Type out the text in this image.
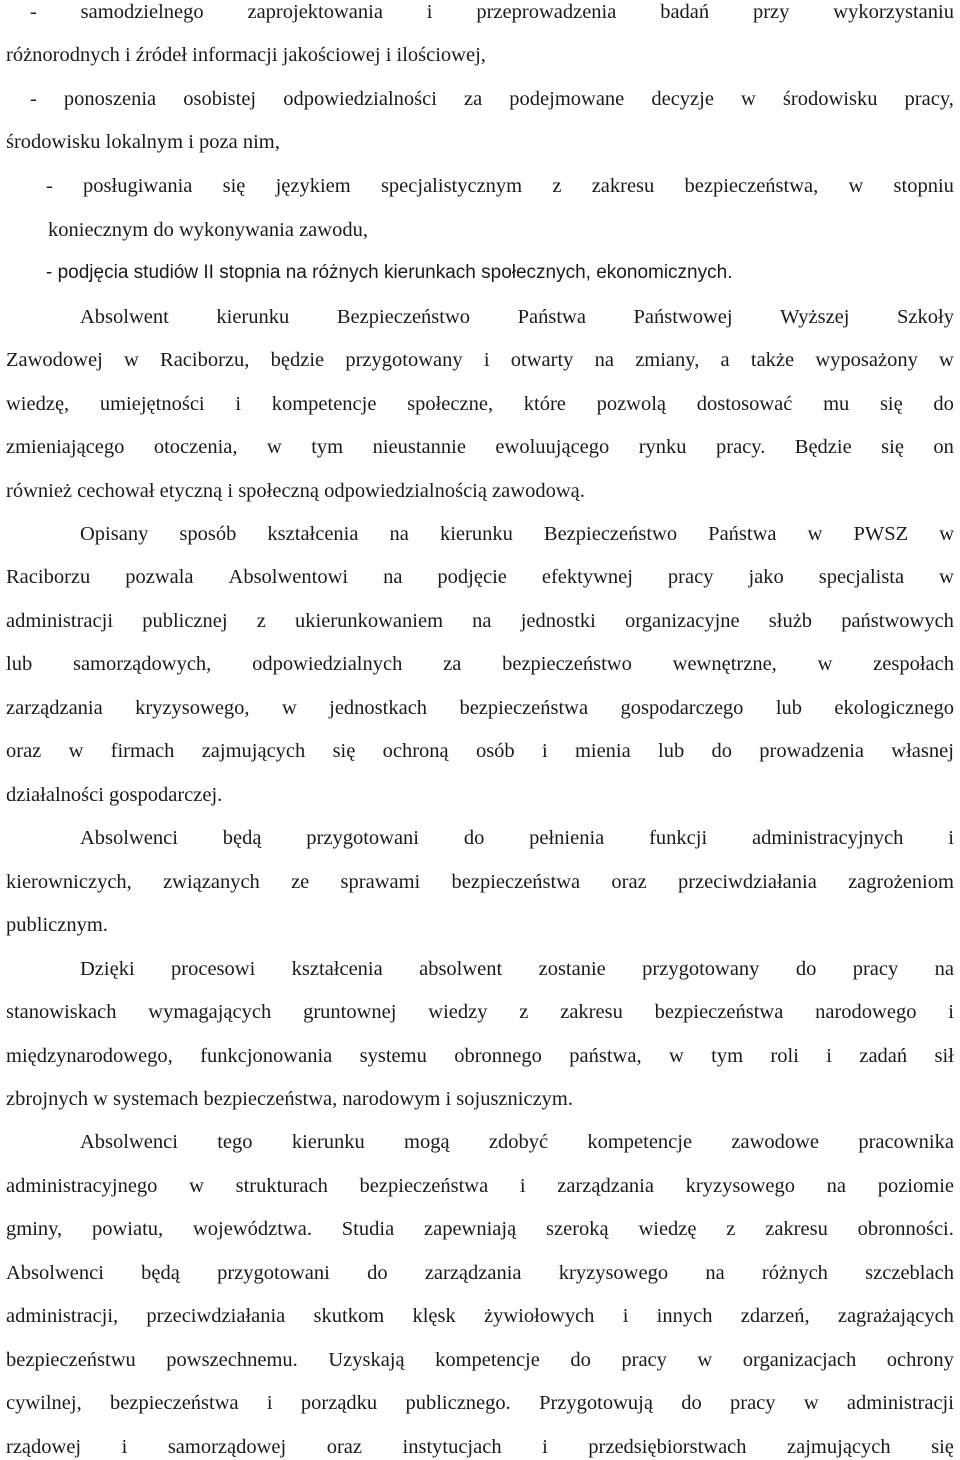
- samodzielnego zaprojektowania i przeprowadzenia badań przy wykorzystaniu
różnorodnych i źródeł informacji jakościowej i ilościowej,
- ponoszenia osobistej odpowiedzialności za podejmowane decyzje w środowisku pracy,
środowisku lokalnym i poza nim,
- posługiwania się językiem specjalistycznym z zakresu bezpieczeństwa, w stopniu
koniecznym do wykonywania zawodu,
- podjęcia studiów II stopnia na różnych kierunkach społecznych, ekonomicznych.
Absolwent kierunku Bezpieczeństwo Państwa Państwowej Wyższej Szkoły
Zawodowej w Raciborzu, będzie przygotowany i otwarty na zmiany, a także wyposażony w
wiedzę, umiejętności i kompetencje społeczne, które pozwolą dostosować mu się do
zmieniającego otoczenia, w tym nieustannie ewoluującego rynku pracy. Będzie się on
również cechował etyczną i społeczną odpowiedzialnością zawodową.
Opisany sposób kształcenia na kierunku Bezpieczeństwo Państwa w PWSZ w
Raciborzu pozwala Absolwentowi na podjęcie efektywnej pracy jako specjalista w
administracji publicznej z ukierunkowaniem na jednostki organizacyjne służb państwowych
lub samorządowych, odpowiedzialnych za bezpieczeństwo wewnętrzne, w zespołach
zarządzania kryzysowego, w jednostkach bezpieczeństwa gospodarczego lub ekologicznego
oraz w firmach zajmujących się ochroną osób i mienia lub do prowadzenia własnej
działalności gospodarczej.
Absolwenci będą przygotowani do pełnienia funkcji administracyjnych i
kierowniczych, związanych ze sprawami bezpieczeństwa oraz przeciwdziałania zagrożeniom
publicznym.
Dzięki procesowi kształcenia absolwent zostanie przygotowany do pracy na
stanowiskach wymagających gruntownej wiedzy z zakresu bezpieczeństwa narodowego i
międzynarodowego, funkcjonowania systemu obronnego państwa, w tym roli i zadań sił
zbrojnych w systemach bezpieczeństwa, narodowym i sojuszniczym.
Absolwenci tego kierunku mogą zdobyć kompetencje zawodowe pracownika
administracyjnego w strukturach bezpieczeństwa i zarządzania kryzysowego na poziomie
gminy, powiatu, województwa. Studia zapewniają szeroką wiedzę z zakresu obronności.
Absolwenci będą przygotowani do zarządzania kryzysowego na różnych szczeblach
administracji, przeciwdziałania skutkom klęsk żywiołowych i innych zdarzeń, zagrażających
bezpieczeństwu powszechnemu. Uzyskają kompetencje do pracy w organizacjach ochrony
cywilnej, bezpieczeństwa i porządku publicznego. Przygotowują do pracy w administracji
rządowej i samorządowej oraz instytucjach i przedsiębiorstwach zajmujących się
